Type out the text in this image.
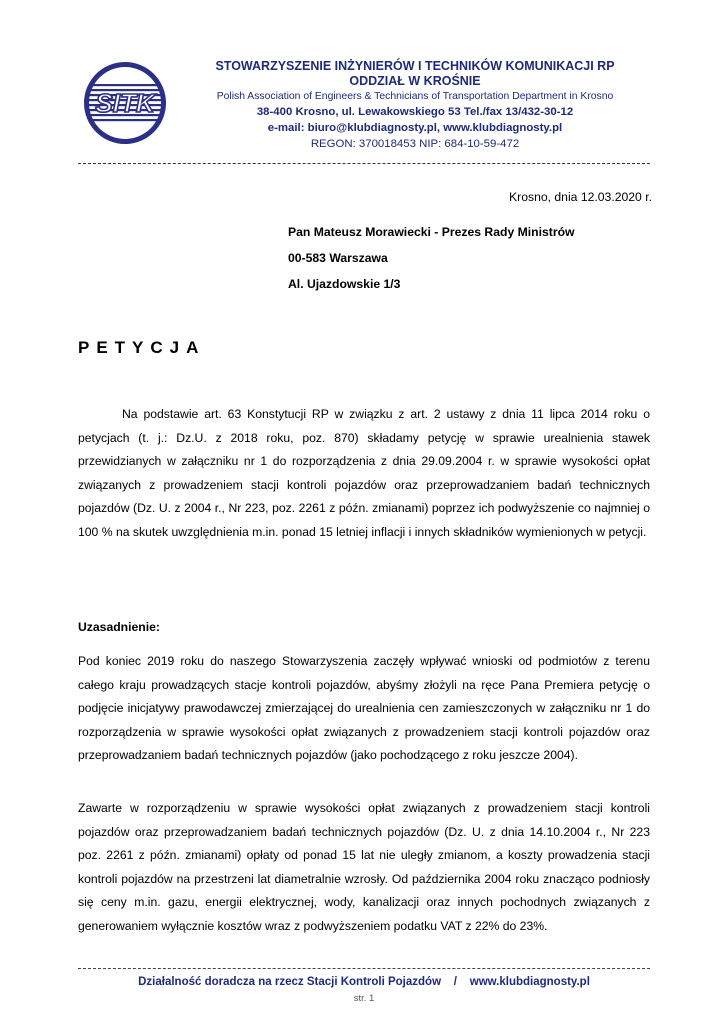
SITK
STOWARZYSZENIE INŻYNIERÓW I TECHNIKÓW KOMUNIKACJI RP
ODDZIAŁ W KROŚNIE
Polish Association of Engineers & Technicians of Transportation Department in Krosno
38-400 Krosno, ul. Lewakowskiego 53 Tel./fax 13/432-30-12
e-mail: biuro@klubdiagnosty.pl, www.klubdiagnosty.pl
REGON: 370018453 NIP: 684-10-59-472
Krosno, dnia 12.03.2020 r.
Pan Mateusz Morawiecki - Prezes Rady Ministrów
00-583 Warszawa
Al. Ujazdowskie 1/3
PETYCJA
Na podstawie art. 63 Konstytucji RP w związku z art. 2 ustawy z dnia 11 lipca 2014 roku o petycjach (t. j.: Dz.U. z 2018 roku, poz. 870) składamy petycję w sprawie urealnienia stawek przewidzianych w załączniku nr 1 do rozporządzenia z dnia 29.09.2004 r. w sprawie wysokości opłat związanych z prowadzeniem stacji kontroli pojazdów oraz przeprowadzaniem badań technicznych pojazdów (Dz. U. z 2004 r., Nr 223, poz. 2261 z późn. zmianami) poprzez ich podwyższenie co najmniej o 100 % na skutek uwzględnienia m.in. ponad 15 letniej inflacji i innych składników wymienionych w petycji.
Uzasadnienie:
Pod koniec 2019 roku do naszego Stowarzyszenia zaczęły wpływać wnioski od podmiotów z terenu całego kraju prowadzących stacje kontroli pojazdów, abyśmy złożyli na ręce Pana Premiera petycję o podjęcie inicjatywy prawodawczej zmierzającej do urealnienia cen zamieszczonych w załączniku nr 1 do rozporządzenia w sprawie wysokości opłat związanych z prowadzeniem stacji kontroli pojazdów oraz przeprowadzaniem badań technicznych pojazdów (jako pochodzącego z roku jeszcze 2004).
Zawarte w rozporządzeniu w sprawie wysokości opłat związanych z prowadzeniem stacji kontroli pojazdów oraz przeprowadzaniem badań technicznych pojazdów (Dz. U. z dnia 14.10.2004 r., Nr 223 poz. 2261 z późn. zmianami) opłaty od ponad 15 lat nie uległy zmianom, a koszty prowadzenia stacji kontroli pojazdów na przestrzeni lat diametralnie wzrosły. Od października 2004 roku znacząco podniosły się ceny m.in. gazu, energii elektrycznej, wody, kanalizacji oraz innych pochodnych związanych z generowaniem wyłącznie kosztów wraz z podwyższeniem podatku VAT z 22% do 23%.
Działalność doradcza na rzecz Stacji Kontroli Pojazdów    /    www.klubdiagnosty.pl
str. 1
